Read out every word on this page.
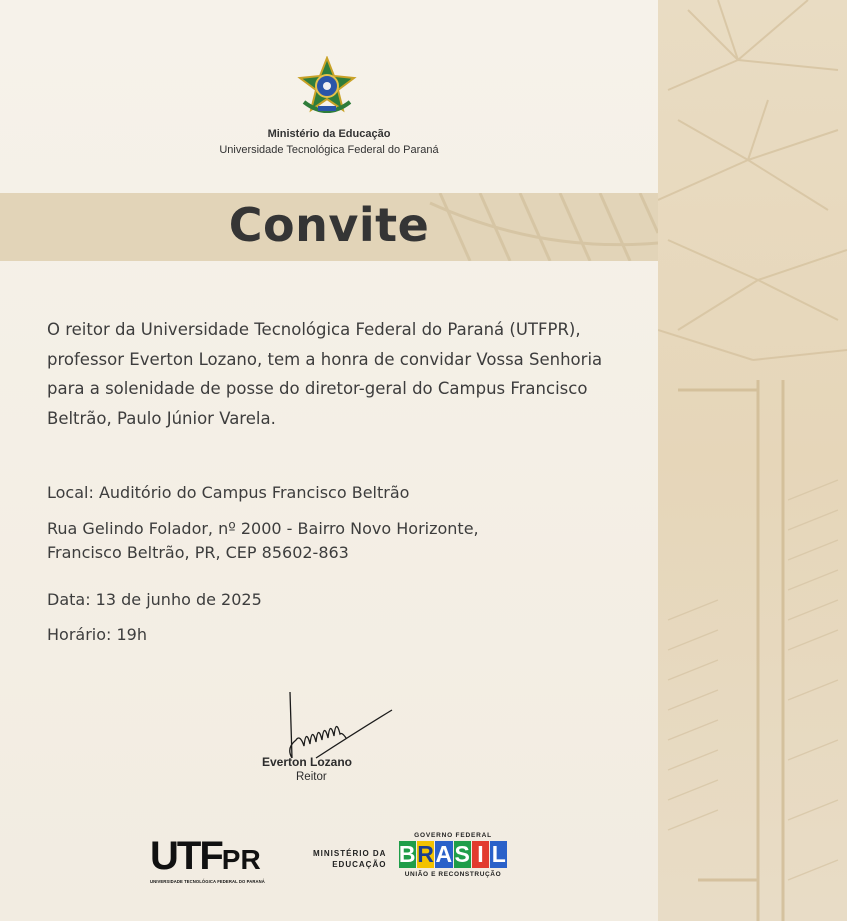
Ministério da Educação
Universidade Tecnológica Federal do Paraná
Convite
O reitor da Universidade Tecnológica Federal do Paraná (UTFPR),
professor Everton Lozano, tem a honra de convidar Vossa Senhoria
para a solenidade de posse do diretor-geral do Campus Francisco
Beltrão, Paulo Júnior Varela.
Local: Auditório do Campus Francisco Beltrão
Rua Gelindo Folador, nº 2000 - Bairro Novo Horizonte,
Francisco Beltrão, PR, CEP 85602-863
Data: 13 de junho de 2025
Horário: 19h
Everton Lozano
Reitor
UTFPR
UNIVERSIDADE TECNOLÓGICA FEDERAL DO PARANÁ
MINISTÉRIO DA
EDUCAÇÃO
GOVERNO FEDERAL
B R A S I L
UNIÃO E RECONSTRUÇÃO
